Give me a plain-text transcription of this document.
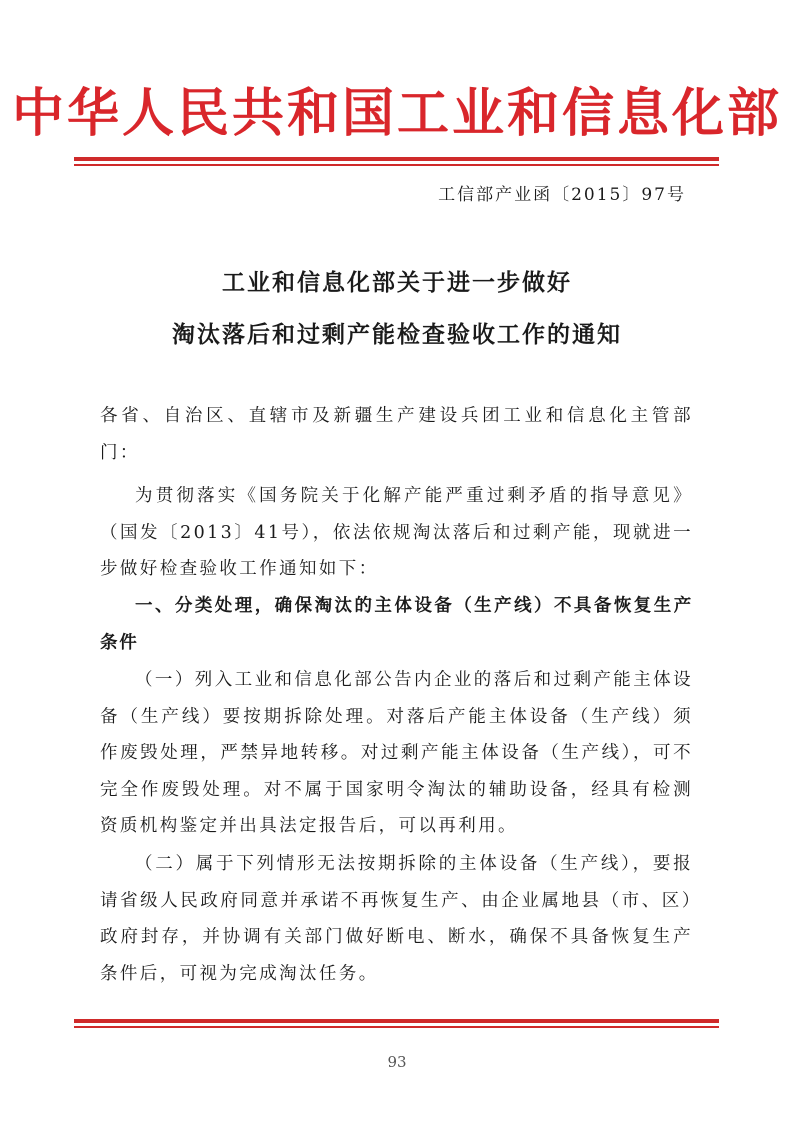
中华人民共和国工业和信息化部
工信部产业函〔2015〕97号
工业和信息化部关于进一步做好
淘汰落后和过剩产能检查验收工作的通知
各省、自治区、直辖市及新疆生产建设兵团工业和信息化主管部门：

为贯彻落实《国务院关于化解产能严重过剩矛盾的指导意见》（国发〔2013〕41号），依法依规淘汰落后和过剩产能，现就进一步做好检查验收工作通知如下：

一、分类处理，确保淘汰的主体设备（生产线）不具备恢复生产条件

（一）列入工业和信息化部公告内企业的落后和过剩产能主体设备（生产线）要按期拆除处理。对落后产能主体设备（生产线）须作废毁处理，严禁异地转移。对过剩产能主体设备（生产线），可不完全作废毁处理。对不属于国家明令淘汰的辅助设备，经具有检测资质机构鉴定并出具法定报告后，可以再利用。

（二）属于下列情形无法按期拆除的主体设备（生产线），要报请省级人民政府同意并承诺不再恢复生产、由企业属地县（市、区）政府封存，并协调有关部门做好断电、断水，确保不具备恢复生产条件后，可视为完成淘汰任务。

93
